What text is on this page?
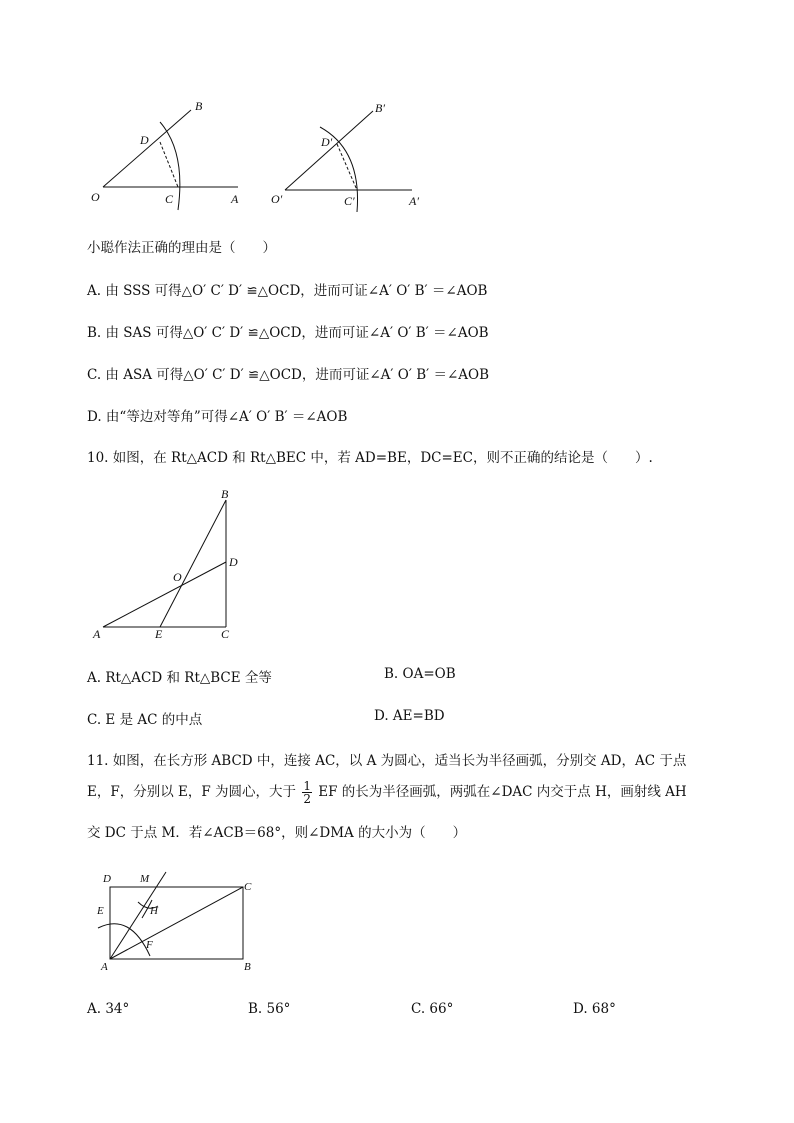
B
D
O	C	A
B′
D′
O′	C′	A′
小聪作法正确的理由是（　　）
A. 由 SSS 可得△O′ C′ D′ ≌△OCD，进而可证∠A′ O′ B′ ＝∠AOB
B. 由 SAS 可得△O′ C′ D′ ≌△OCD，进而可证∠A′ O′ B′ ＝∠AOB
C. 由 ASA 可得△O′ C′ D′ ≌△OCD，进而可证∠A′ O′ B′ ＝∠AOB
D. 由“等边对等角”可得∠A′ O′ B′ ＝∠AOB
10. 如图，在 Rt△ACD 和 Rt△BEC 中，若 AD=BE，DC=EC，则不正确的结论是（　　）.
B
D
O
A	E	C
A. Rt△ACD 和 Rt△BCE 全等	B. OA=OB
C. E 是 AC 的中点	D. AE=BD
11. 如图，在长方形 ABCD 中，连接 AC，以 A 为圆心，适当长为半径画弧，分别交 AD，AC 于点
E，F，分别以 E，F 为圆心，大于 $\frac{1}{2}$ EF 的长为半径画弧，两弧在∠DAC 内交于点 H，画射线 AH
交 DC 于点 M．若∠ACB＝68°，则∠DMA 的大小为（　　）
D	M
C
E	H
F
A	B
A. 34°	B. 56°	C. 66°	D. 68°
